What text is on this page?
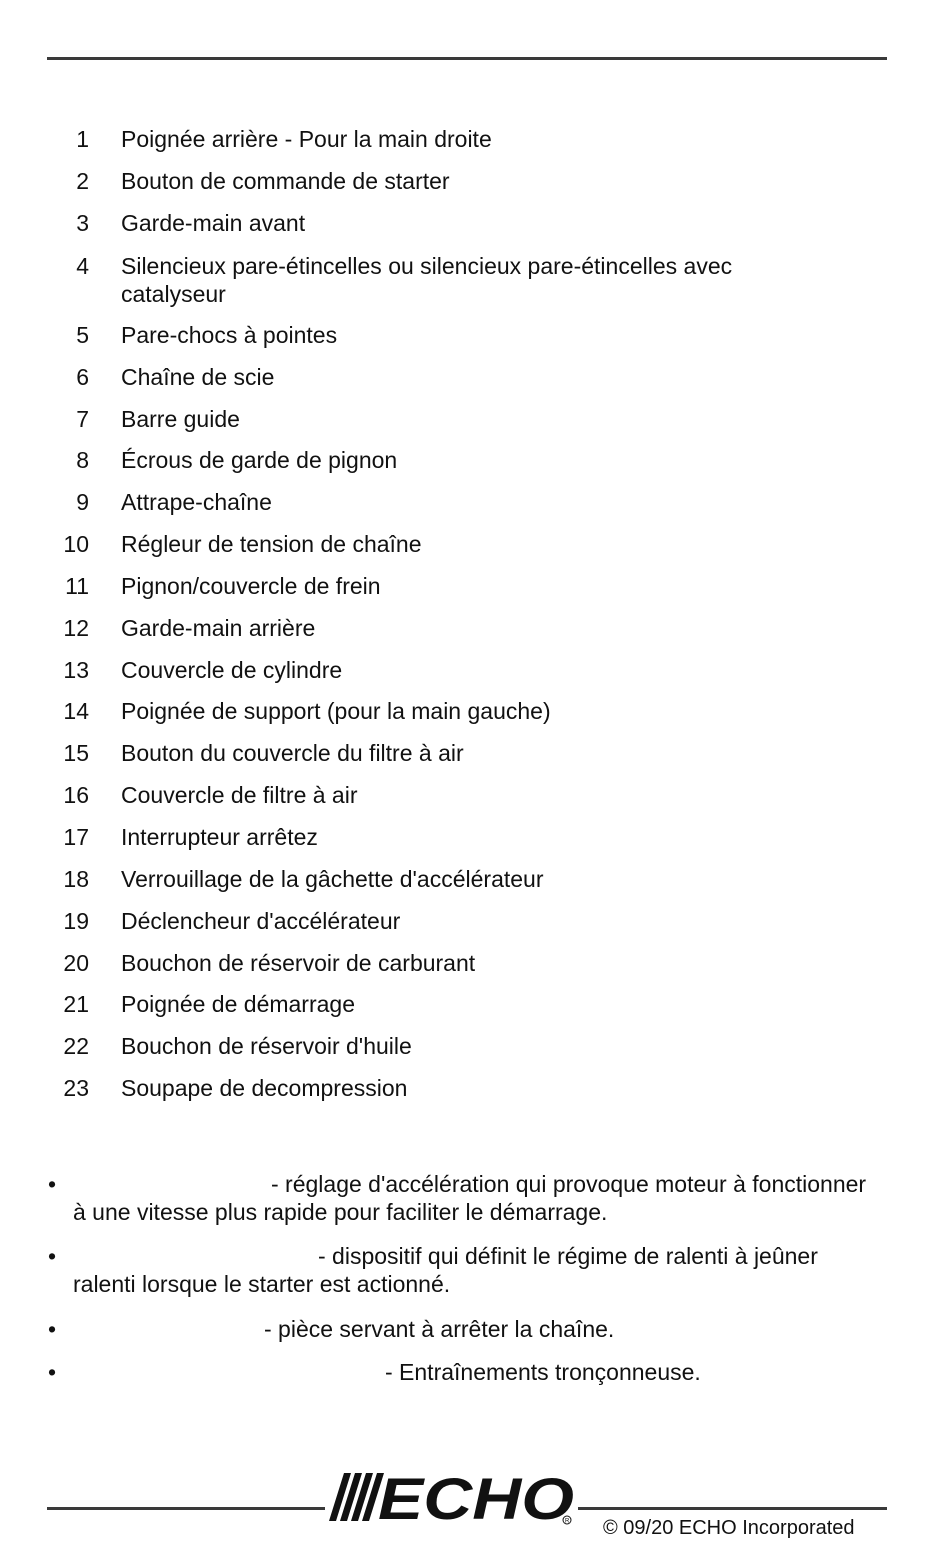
1 Poignée arrière - Pour la main droite
2 Bouton de commande de starter
3 Garde-main avant
4 Silencieux pare-étincelles ou silencieux pare-étincelles avec catalyseur
5 Pare-chocs à pointes
6 Chaîne de scie
7 Barre guide
8 Écrous de garde de pignon
9 Attrape-chaîne
10 Régleur de tension de chaîne
11 Pignon/couvercle de frein
12 Garde-main arrière
13 Couvercle de cylindre
14 Poignée de support (pour la main gauche)
15 Bouton du couvercle du filtre à air
16 Couvercle de filtre à air
17 Interrupteur arrêtez
18 Verrouillage de la gâchette d'accélérateur
19 Déclencheur d'accélérateur
20 Bouchon de réservoir de carburant
21 Poignée de démarrage
22 Bouchon de réservoir d'huile
23 Soupape de decompression
•	- réglage d'accélération qui provoque moteur à fonctionner à une vitesse plus rapide pour faciliter le démarrage.
•	- dispositif qui définit le régime de ralenti à jeûner ralenti lorsque le starter est actionné.
•	- pièce servant à arrêter la chaîne.
•	- Entraînements tronçonneuse.
ECHO
R © 09/20 ECHO Incorporated
